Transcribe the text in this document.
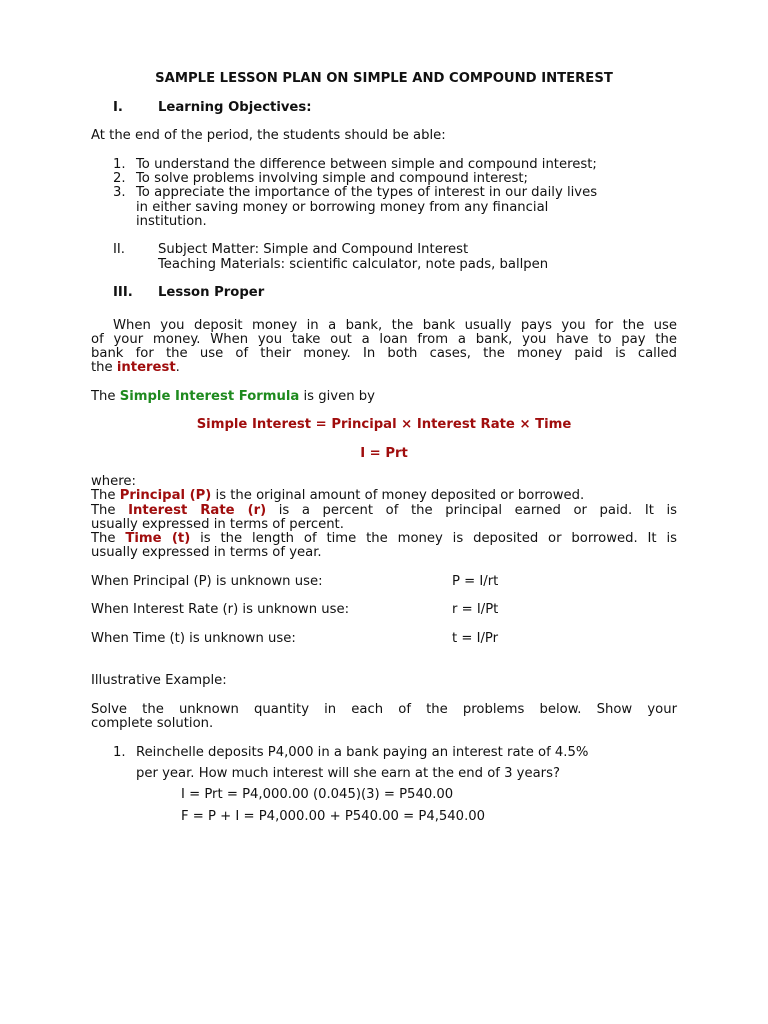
SAMPLE LESSON PLAN ON SIMPLE AND COMPOUND INTEREST
I.	Learning Objectives:
At the end of the period, the students should be able:
1. To understand the difference between simple and compound interest;
2. To solve problems involving simple and compound interest;
3. To appreciate the importance of the types of interest in our daily lives
in either saving money or borrowing money from any financial
institution.
II.	Subject Matter: Simple and Compound Interest
Teaching Materials: scientific calculator, note pads, ballpen
III. Lesson Proper
When you deposit money in a bank, the bank usually pays you for the use
of your money. When you take out a loan from a bank, you have to pay the
bank for the use of their money. In both cases, the money paid is called
the interest.
The Simple Interest Formula is given by
Simple Interest = Principal × Interest Rate × Time
I = Prt
where:
The Principal (P) is the original amount of money deposited or borrowed.
The Interest Rate (r) is a percent of the principal earned or paid. It is
usually expressed in terms of percent.
The Time (t) is the length of time the money is deposited or borrowed. It is
usually expressed in terms of year.
When Principal (P) is unknown use:	P = I/rt
When Interest Rate (r) is unknown use:	r = I/Pt
When Time (t) is unknown use:	t = I/Pr
Illustrative Example:
Solve the unknown quantity in each of the problems below. Show your
complete solution.
1. Reinchelle deposits P4,000 in a bank paying an interest rate of 4.5%
per year. How much interest will she earn at the end of 3 years?
I = Prt = P4,000.00 (0.045)(3) = P540.00
F = P + I = P4,000.00 + P540.00 = P4,540.00
